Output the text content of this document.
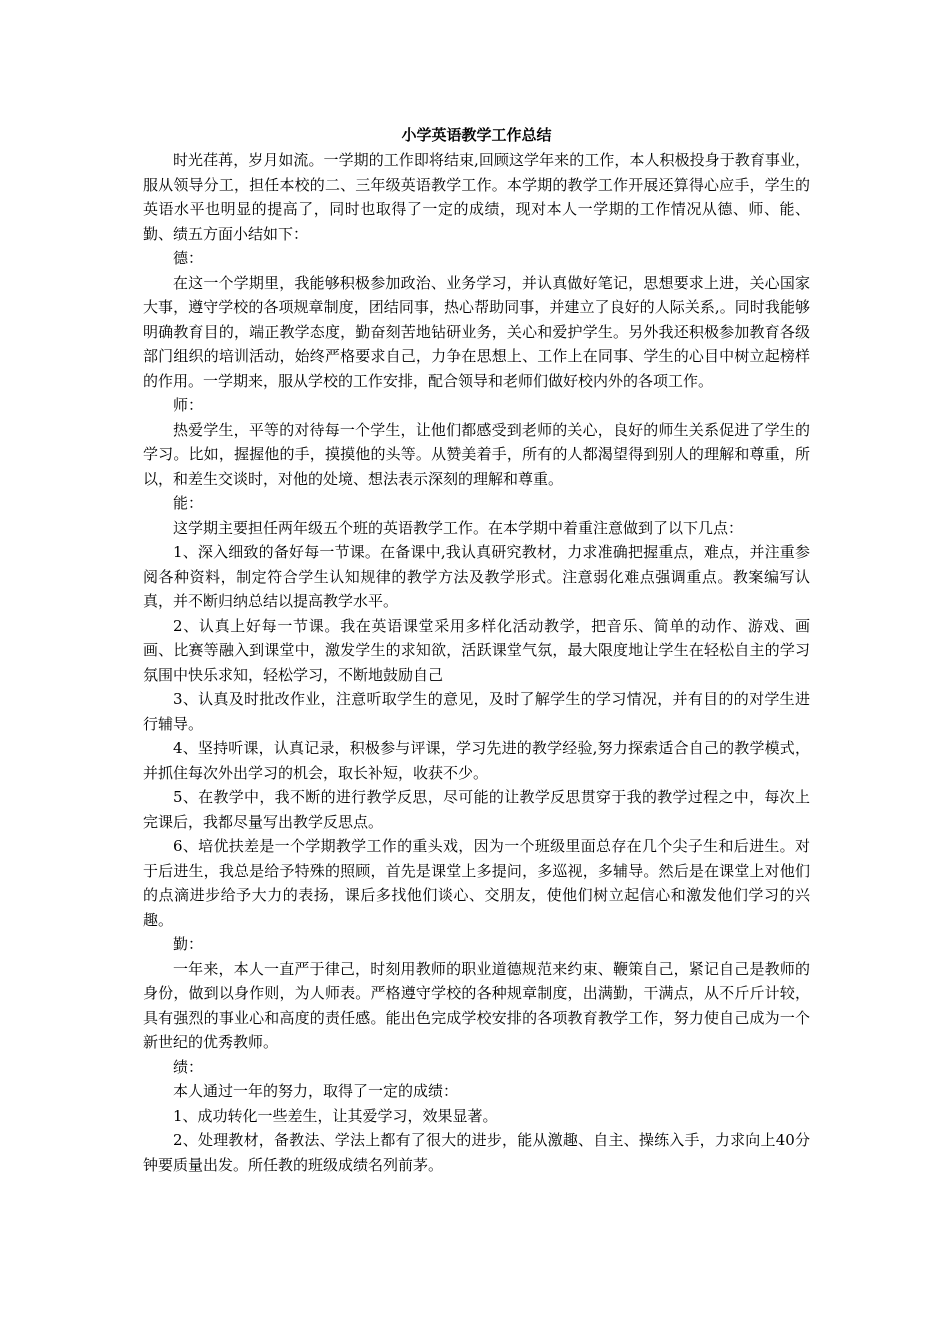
小学英语教学工作总结

时光荏苒，岁月如流。一学期的工作即将结束,回顾这学年来的工作，本人积极投身于教育事业，服从领导分工，担任本校的二、三年级英语教学工作。本学期的教学工作开展还算得心应手，学生的英语水平也明显的提高了，同时也取得了一定的成绩，现对本人一学期的工作情况从德、师、能、勤、绩五方面小结如下：

德：

在这一个学期里，我能够积极参加政治、业务学习，并认真做好笔记，思想要求上进，关心国家大事，遵守学校的各项规章制度，团结同事，热心帮助同事，并建立了良好的人际关系,。同时我能够明确教育目的，端正教学态度，勤奋刻苦地钻研业务，关心和爱护学生。另外我还积极参加教育各级部门组织的培训活动，始终严格要求自己，力争在思想上、工作上在同事、学生的心目中树立起榜样的作用。一学期来，服从学校的工作安排，配合领导和老师们做好校内外的各项工作。

师：

热爱学生，平等的对待每一个学生，让他们都感受到老师的关心，良好的师生关系促进了学生的学习。比如，握握他的手，摸摸他的头等。从赞美着手，所有的人都渴望得到别人的理解和尊重，所以，和差生交谈时，对他的处境、想法表示深刻的理解和尊重。

能：

这学期主要担任两年级五个班的英语教学工作。在本学期中着重注意做到了以下几点：

1、深入细致的备好每一节课。在备课中,我认真研究教材，力求准确把握重点，难点，并注重参阅各种资料，制定符合学生认知规律的教学方法及教学形式。注意弱化难点强调重点。教案编写认真，并不断归纳总结以提高教学水平。

2、认真上好每一节课。我在英语课堂采用多样化活动教学，把音乐、简单的动作、游戏、画画、比赛等融入到课堂中，激发学生的求知欲，活跃课堂气氛，最大限度地让学生在轻松自主的学习氛围中快乐求知，轻松学习，不断地鼓励自己

3、认真及时批改作业，注意听取学生的意见，及时了解学生的学习情况，并有目的的对学生进行辅导。

4、坚持听课，认真记录，积极参与评课，学习先进的教学经验,努力探索适合自己的教学模式，并抓住每次外出学习的机会，取长补短，收获不少。

5、在教学中，我不断的进行教学反思，尽可能的让教学反思贯穿于我的教学过程之中，每次上完课后，我都尽量写出教学反思点。

6、培优扶差是一个学期教学工作的重头戏，因为一个班级里面总存在几个尖子生和后进生。对于后进生，我总是给予特殊的照顾，首先是课堂上多提问，多巡视，多辅导。然后是在课堂上对他们的点滴进步给予大力的表扬，课后多找他们谈心、交朋友，使他们树立起信心和激发他们学习的兴趣。

勤：

一年来，本人一直严于律己，时刻用教师的职业道德规范来约束、鞭策自己，紧记自己是教师的身份，做到以身作则，为人师表。严格遵守学校的各种规章制度，出满勤，干满点，从不斤斤计较，具有强烈的事业心和高度的责任感。能出色完成学校安排的各项教育教学工作，努力使自己成为一个新世纪的优秀教师。

绩：

本人通过一年的努力，取得了一定的成绩：

1、成功转化一些差生，让其爱学习，效果显著。

2、处理教材，备教法、学法上都有了很大的进步，能从激趣、自主、操练入手，力求向上40分钟要质量出发。所任教的班级成绩名列前茅。
